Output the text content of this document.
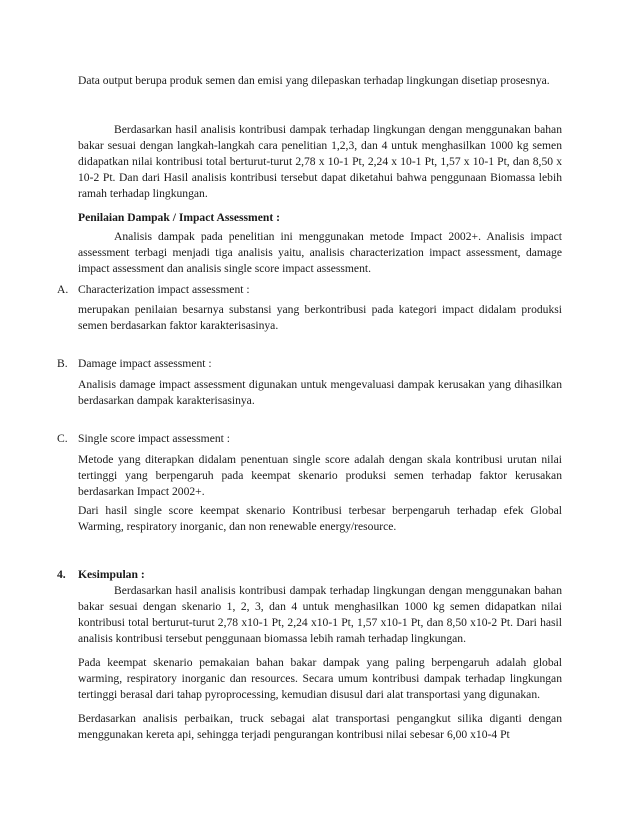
Data output berupa produk semen dan emisi yang dilepaskan terhadap lingkungan disetiap prosesnya.

Berdasarkan hasil analisis kontribusi dampak terhadap lingkungan dengan menggunakan bahan bakar sesuai dengan langkah-langkah cara penelitian 1,2,3, dan 4 untuk menghasilkan 1000 kg semen didapatkan nilai kontribusi total berturut-turut 2,78 x 10-1 Pt, 2,24 x 10-1 Pt, 1,57 x 10-1 Pt, dan 8,50 x 10-2 Pt. Dan dari Hasil analisis kontribusi tersebut dapat diketahui bahwa penggunaan Biomassa lebih ramah terhadap lingkungan.

Penilaian Dampak / Impact Assessment :

Analisis dampak pada penelitian ini menggunakan metode Impact 2002+. Analisis impact assessment terbagi menjadi tiga analisis yaitu, analisis characterization impact assessment, damage impact assessment dan analisis single score impact assessment.

A. Characterization impact assessment :

merupakan penilaian besarnya substansi yang berkontribusi pada kategori impact didalam produksi semen berdasarkan faktor karakterisasinya.

B. Damage impact assessment :

Analisis damage impact assessment digunakan untuk mengevaluasi dampak kerusakan yang dihasilkan berdasarkan dampak karakterisasinya.

C. Single score impact assessment :

Metode yang diterapkan didalam penentuan single score adalah dengan skala kontribusi urutan nilai tertinggi yang berpengaruh pada keempat skenario produksi semen terhadap faktor kerusakan berdasarkan Impact 2002+.

Dari hasil single score keempat skenario Kontribusi terbesar berpengaruh terhadap efek Global Warming, respiratory inorganic, dan non renewable energy/resource.

4. Kesimpulan :

Berdasarkan hasil analisis kontribusi dampak terhadap lingkungan dengan menggunakan bahan bakar sesuai dengan skenario 1, 2, 3, dan 4 untuk menghasilkan 1000 kg semen didapatkan nilai kontribusi total berturut-turut 2,78 x10-1 Pt, 2,24 x10-1 Pt, 1,57 x10-1 Pt, dan 8,50 x10-2 Pt. Dari hasil analisis kontribusi tersebut penggunaan biomassa lebih ramah terhadap lingkungan.

Pada keempat skenario pemakaian bahan bakar dampak yang paling berpengaruh adalah global warming, respiratory inorganic dan resources. Secara umum kontribusi dampak terhadap lingkungan tertinggi berasal dari tahap pyroprocessing, kemudian disusul dari alat transportasi yang digunakan.

Berdasarkan analisis perbaikan, truck sebagai alat transportasi pengangkut silika diganti dengan menggunakan kereta api, sehingga terjadi pengurangan kontribusi nilai sebesar 6,00 x10-4 Pt
